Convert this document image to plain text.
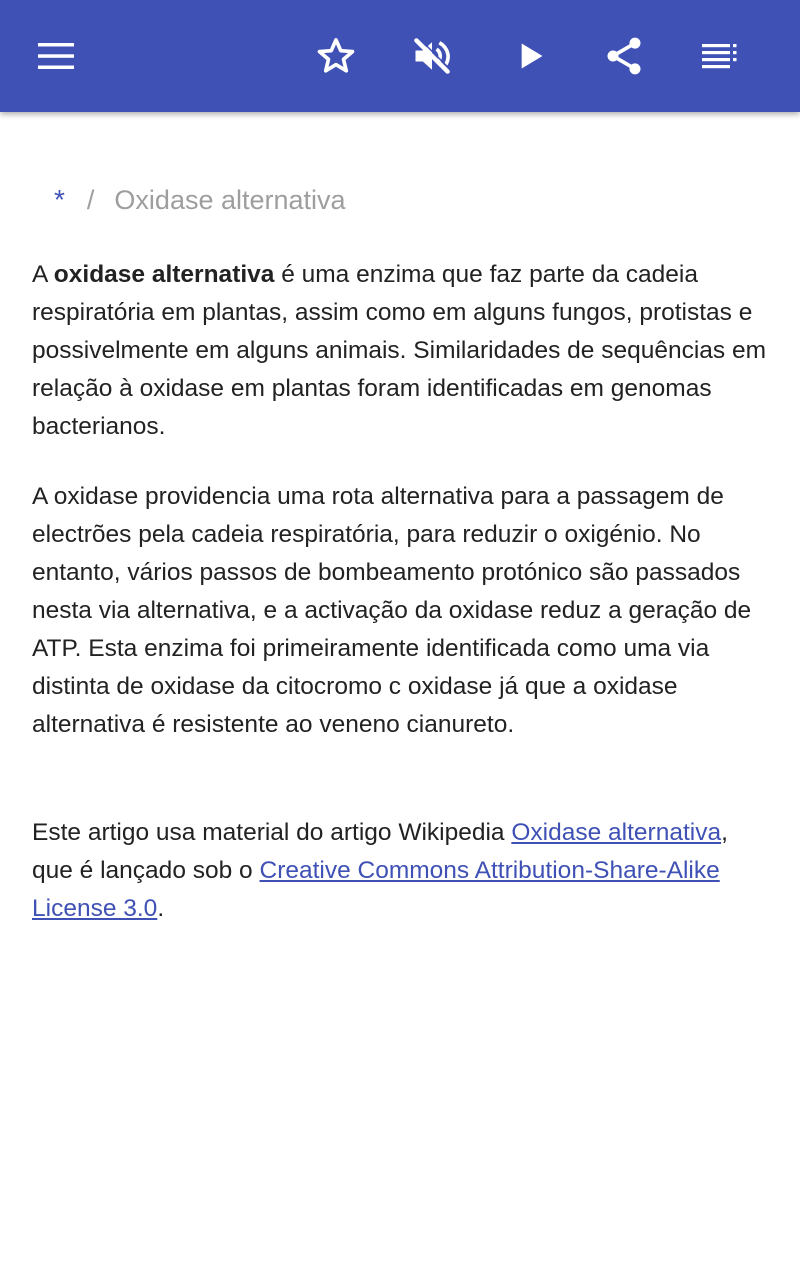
* / Oxidase alternativa

A oxidase alternativa é uma enzima que faz parte da cadeia respiratória em plantas, assim como em alguns fungos, protistas e possivelmente em alguns animais. Similaridades de sequências em relação à oxidase em plantas foram identificadas em genomas bacterianos.

A oxidase providencia uma rota alternativa para a passagem de electrões pela cadeia respiratória, para reduzir o oxigénio. No entanto, vários passos de bombeamento protónico são passados nesta via alternativa, e a activação da oxidase reduz a geração de ATP. Esta enzima foi primeiramente identificada como uma via distinta de oxidase da citocromo c oxidase já que a oxidase alternativa é resistente ao veneno cianureto.

Este artigo usa material do artigo Wikipedia Oxidase alternativa, que é lançado sob o Creative Commons Attribution-Share-Alike License 3.0.
